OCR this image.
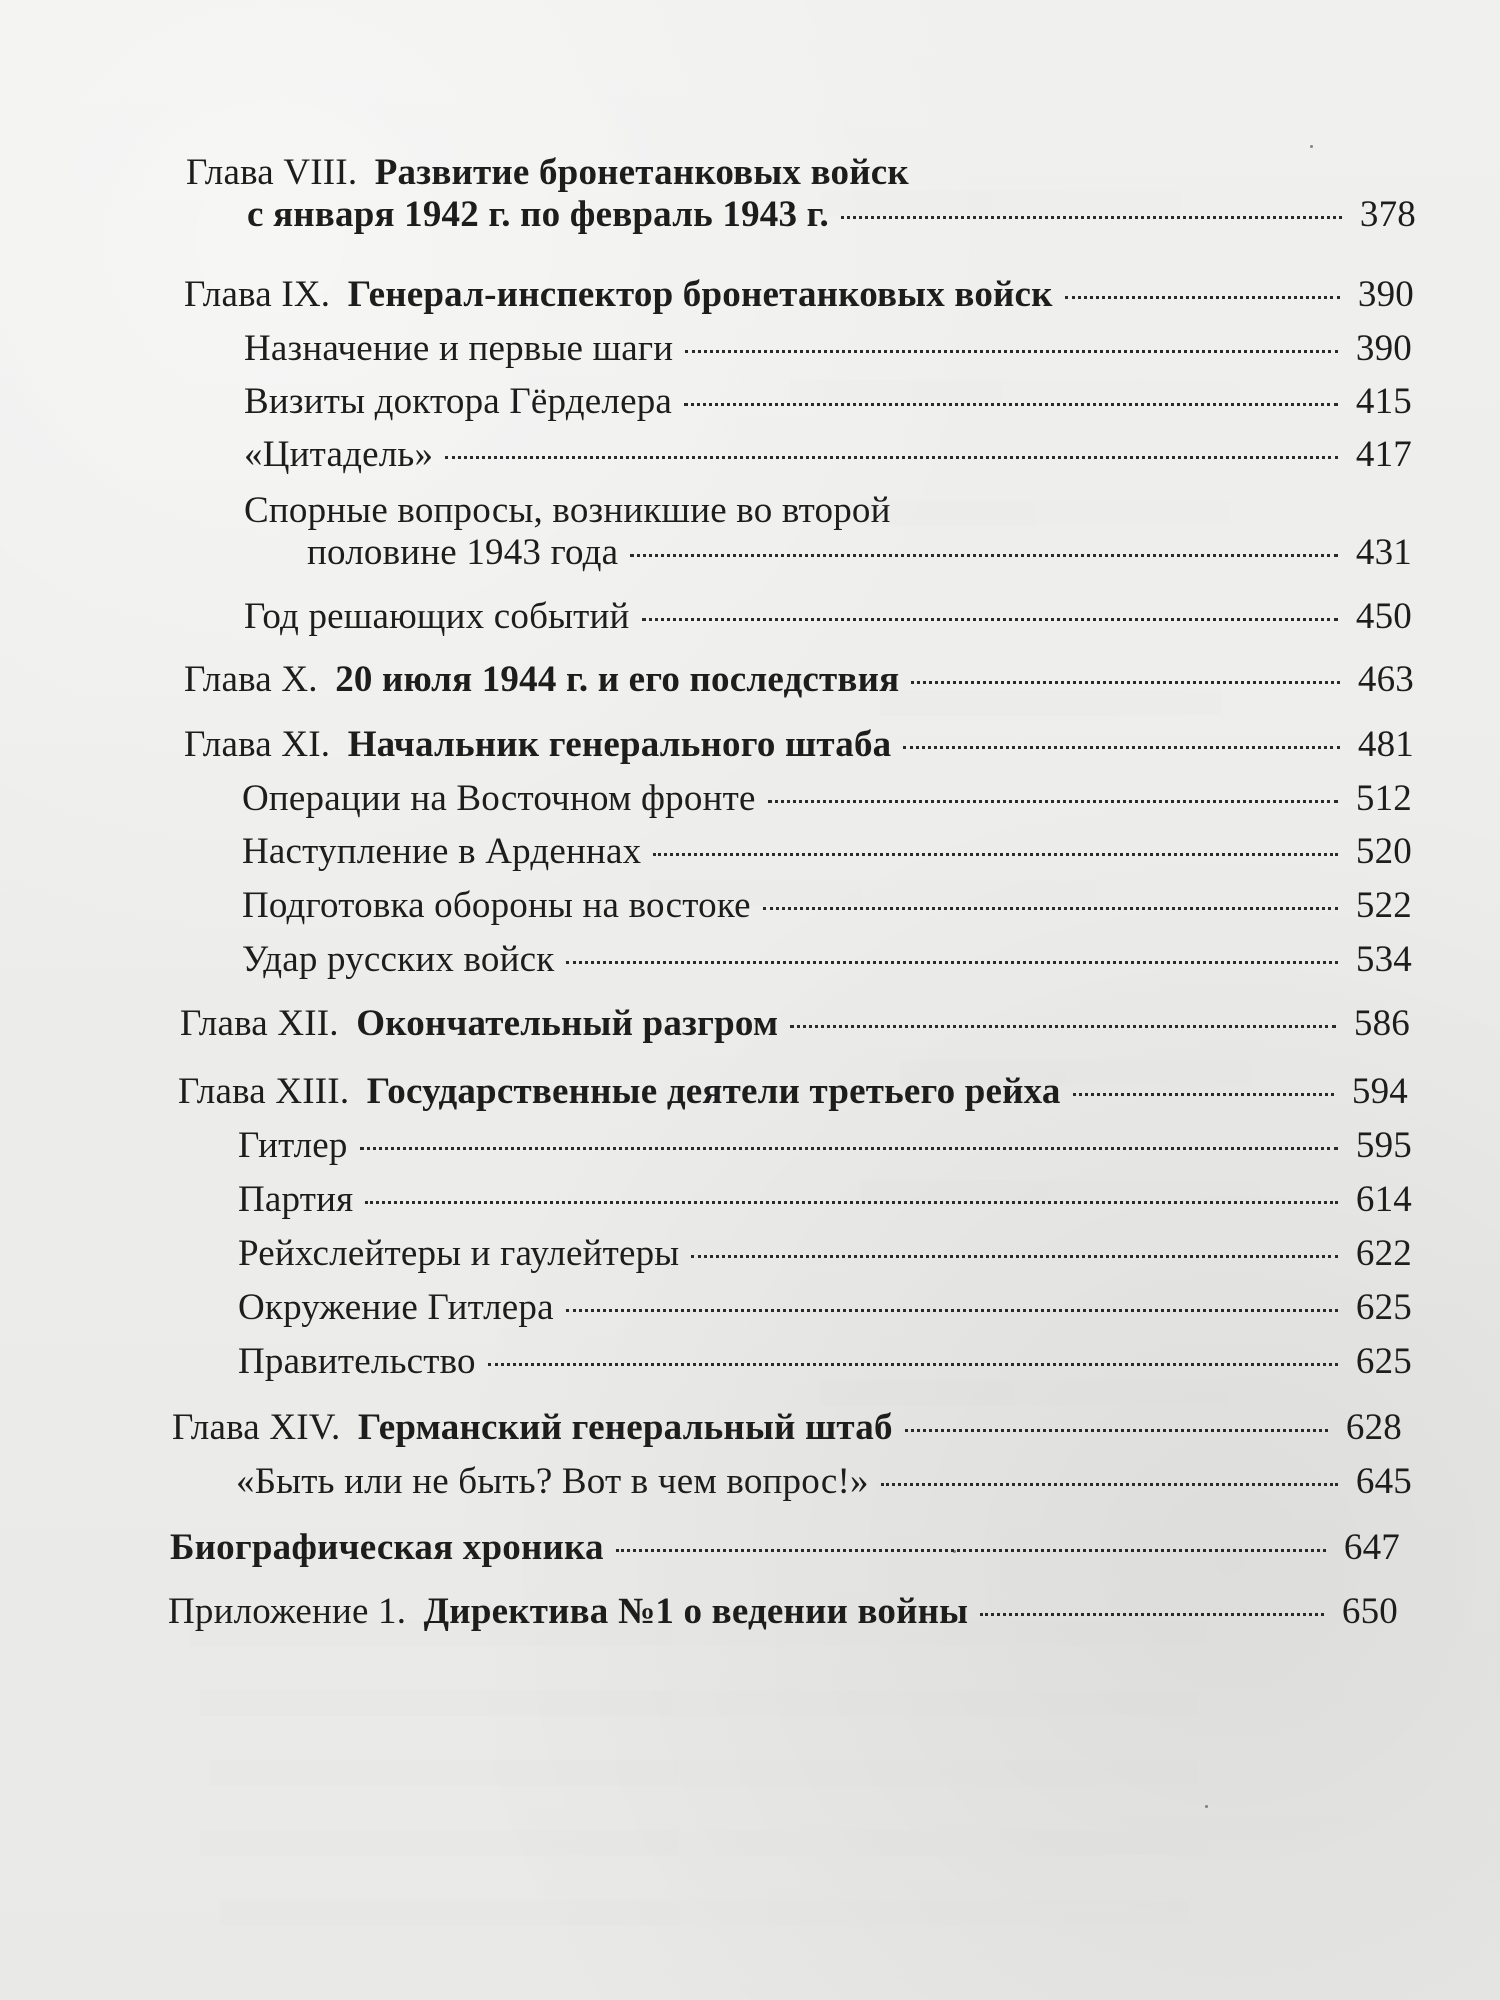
Глава VIII. Развитие бронетанковых войск
с января 1942 г. по февраль 1943 г.	378
Глава IX. Генерал-инспектор бронетанковых войск	390
Назначение и первые шаги	390
Визиты доктора Гёрделера	415
«Цитадель»	417
Спорные вопросы, возникшие во второй
половине 1943 года	431
Год решающих событий	450
Глава X. 20 июля 1944 г. и его последствия	463
Глава XI. Начальник генерального штаба	481
Операции на Восточном фронте	512
Наступление в Арденнах	520
Подготовка обороны на востоке	522
Удар русских войск	534
Глава XII. Окончательный разгром	586
Глава XIII. Государственные деятели третьего рейха	594
Гитлер	595
Партия	614
Рейхслейтеры и гаулейтеры	622
Окружение Гитлера	625
Правительство	625
Глава XIV. Германский генеральный штаб	628
«Быть или не быть? Вот в чем вопрос!»	645
Биографическая хроника	647
Приложение 1. Директива №1 о ведении войны	650
